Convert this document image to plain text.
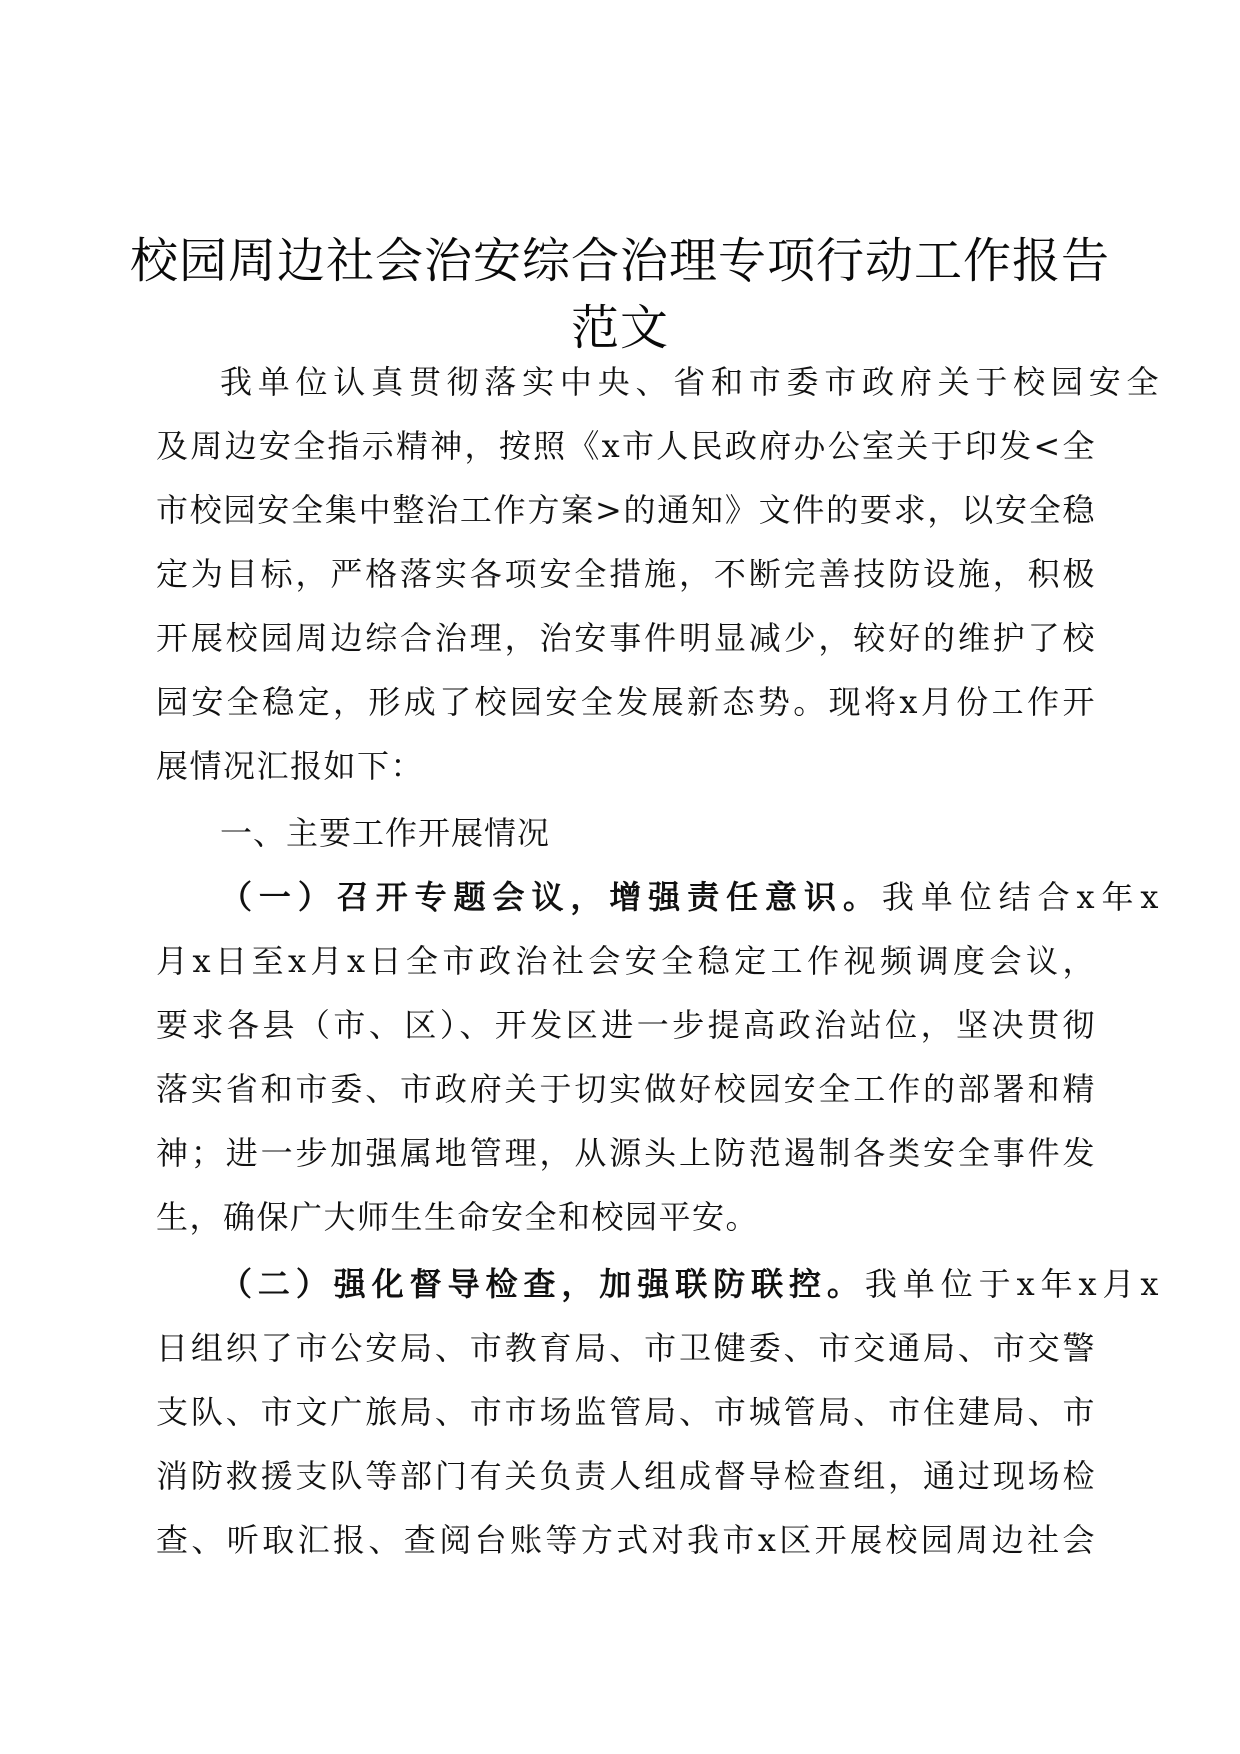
校园周边社会治安综合治理专项行动工作报告
范文
我单位认真贯彻落实中央、省和市委市政府关于校园安全
及周边安全指示精神，按照《x市人民政府办公室关于印发<全
市校园安全集中整治工作方案>的通知》文件的要求，以安全稳
定为目标，严格落实各项安全措施，不断完善技防设施，积极
开展校园周边综合治理，治安事件明显减少，较好的维护了校
园安全稳定，形成了校园安全发展新态势。现将x月份工作开
展情况汇报如下：
一、主要工作开展情况
（一）召开专题会议，增强责任意识。我单位结合x年x
月x日至x月x日全市政治社会安全稳定工作视频调度会议，
要求各县（市、区）、开发区进一步提高政治站位，坚决贯彻
落实省和市委、市政府关于切实做好校园安全工作的部署和精
神；进一步加强属地管理，从源头上防范遏制各类安全事件发
生，确保广大师生生命安全和校园平安。
（二）强化督导检查，加强联防联控。我单位于x年x月x
日组织了市公安局、市教育局、市卫健委、市交通局、市交警
支队、市文广旅局、市市场监管局、市城管局、市住建局、市
消防救援支队等部门有关负责人组成督导检查组，通过现场检
查、听取汇报、查阅台账等方式对我市x区开展校园周边社会
